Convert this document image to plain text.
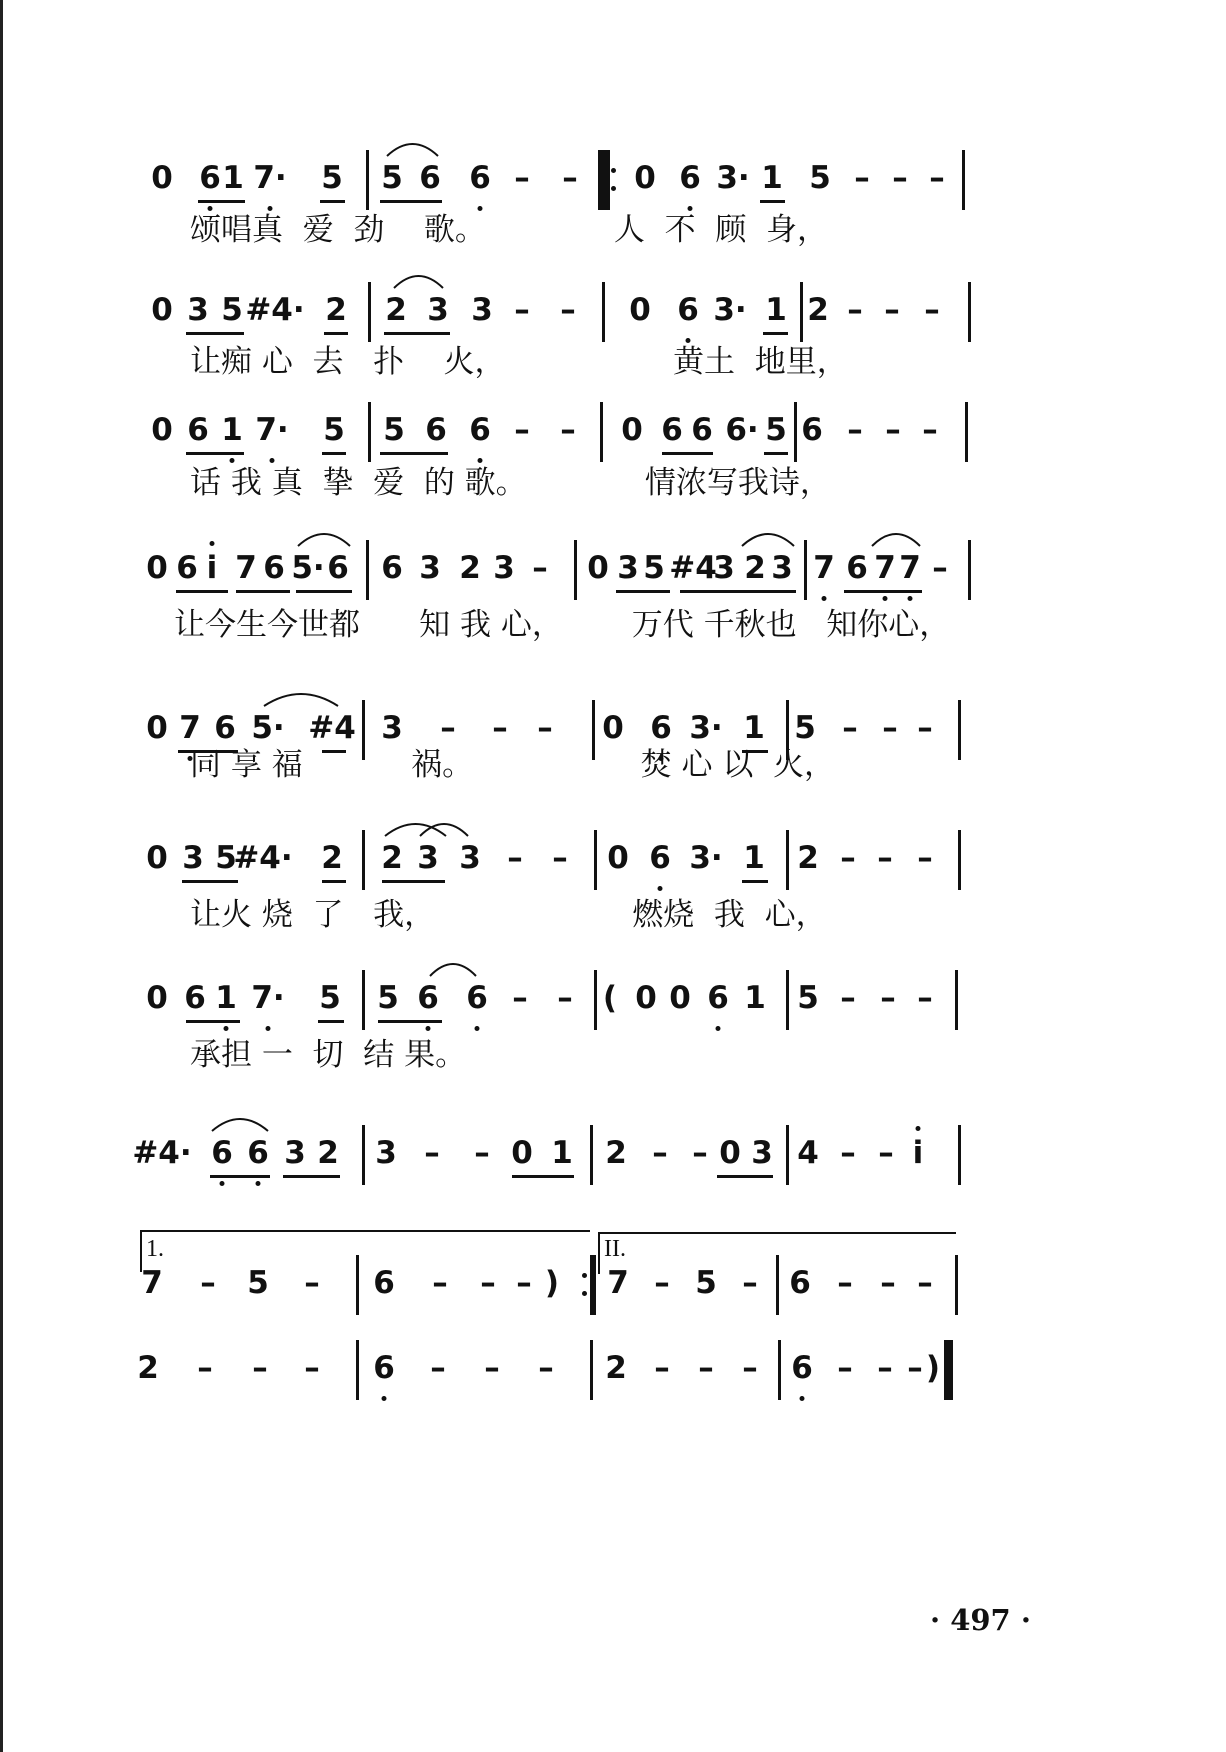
· 497 ·
0 6 1 7· 5 5 6 6 – – 0 6 3· 1 5 – – –
颂唱真  爱  劲    歌。             人  不  顾  身，
0 3 5 #4· 2 2 3 3 – – 0 6 3· 1 2 – – –
让痴 心  去   扑    火，                 黄土  地里，
0 6 1 7· 5 5 6 6 – – 0 6 6 6· 5 6 – – –
话 我 真  挚  爱  的 歌。            情浓写我诗，
0 6 i 7 6 5· 6 6 3 2 3 – 0 3 5 #4
3 2 3 7 6 7 7 –
让今生今世都      知 我 心，       万代 千秋也   知你心，
0 7 6 5· #4 3 – – – 0 6 3· 1 5 – – –
同 享 福           祸。                 焚 心 以  火，
0 3 5
#4· 2 2 3 3 – – 0 6 3· 1 2 – – –
让火 烧  了   我，                    燃烧  我  心，
0 6 1 7· 5 5 6 6 – – ( 0 0 6 1 5 – – –
承担 一  切  结 果。
#4· 6 6 3 2 3 – – 0 1 2 – – 0 3 4 – – i
7 – 5 – 6 – – – ) 7 – 5 – 6 – – –
1.	II.
2 – – – 6 – – – 2 – – – 6 – – – )
